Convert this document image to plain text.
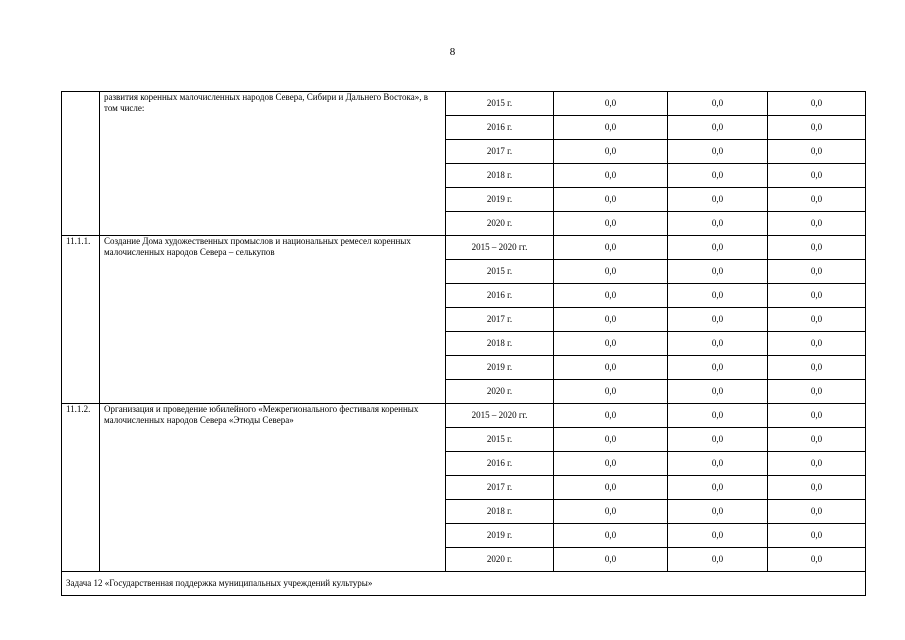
8
	развития коренных малочисленных народов Севера, Сибири и Дальнего Востока», в том числе:	2015 г.	0,0	0,0	0,0
		2016 г.	0,0	0,0	0,0
		2017 г.	0,0	0,0	0,0
		2018 г.	0,0	0,0	0,0
		2019 г.	0,0	0,0	0,0
		2020 г.	0,0	0,0	0,0
11.1.1.	Создание Дома художественных промыслов и национальных ремесел коренных малочисленных народов Севера – селькупов	2015 – 2020 гг.	0,0	0,0	0,0
		2015 г.	0,0	0,0	0,0
		2016 г.	0,0	0,0	0,0
		2017 г.	0,0	0,0	0,0
		2018 г.	0,0	0,0	0,0
		2019 г.	0,0	0,0	0,0
		2020 г.	0,0	0,0	0,0
11.1.2.	Организация и проведение юбилейного «Межрегионального фестиваля коренных малочисленных народов Севера «Этюды Севера»	2015 – 2020 гг.	0,0	0,0	0,0
		2015 г.	0,0	0,0	0,0
		2016 г.	0,0	0,0	0,0
		2017 г.	0,0	0,0	0,0
		2018 г.	0,0	0,0	0,0
		2019 г.	0,0	0,0	0,0
		2020 г.	0,0	0,0	0,0
Задача 12 «Государственная поддержка муниципальных учреждений культуры»					
